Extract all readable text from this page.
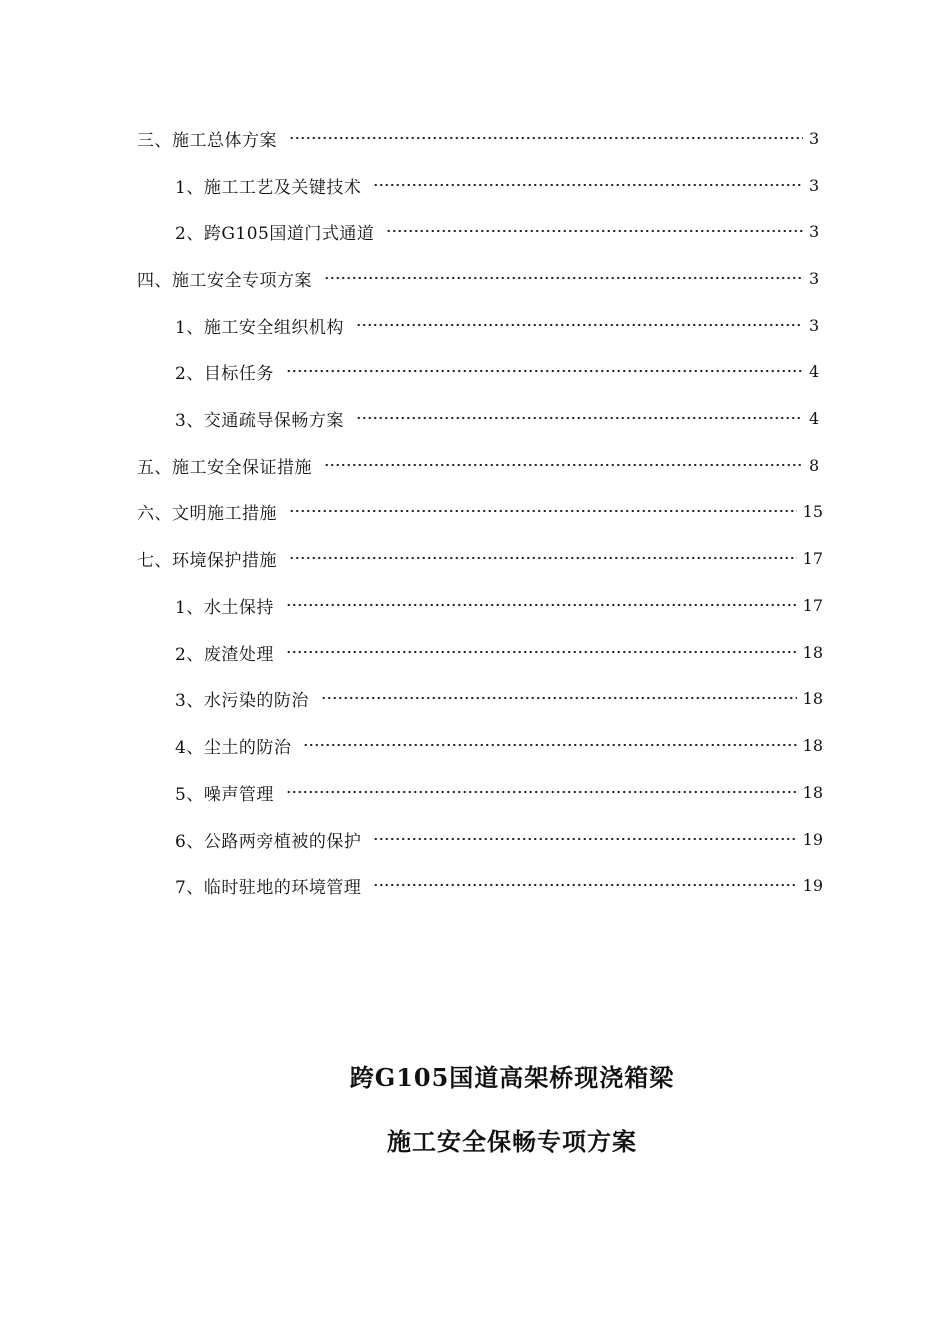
三、施工总体方案	3
1、施工工艺及关键技术	3
2、跨G105国道门式通道	3
四、施工安全专项方案	3
1、施工安全组织机构	3
2、目标任务	4
3、交通疏导保畅方案	4
五、施工安全保证措施	8
六、文明施工措施	15
七、环境保护措施	17
1、水土保持	17
2、废渣处理	18
3、水污染的防治	18
4、尘土的防治	18
5、噪声管理	18
6、公路两旁植被的保护	19
7、临时驻地的环境管理	19
跨G105国道高架桥现浇箱梁
施工安全保畅专项方案
